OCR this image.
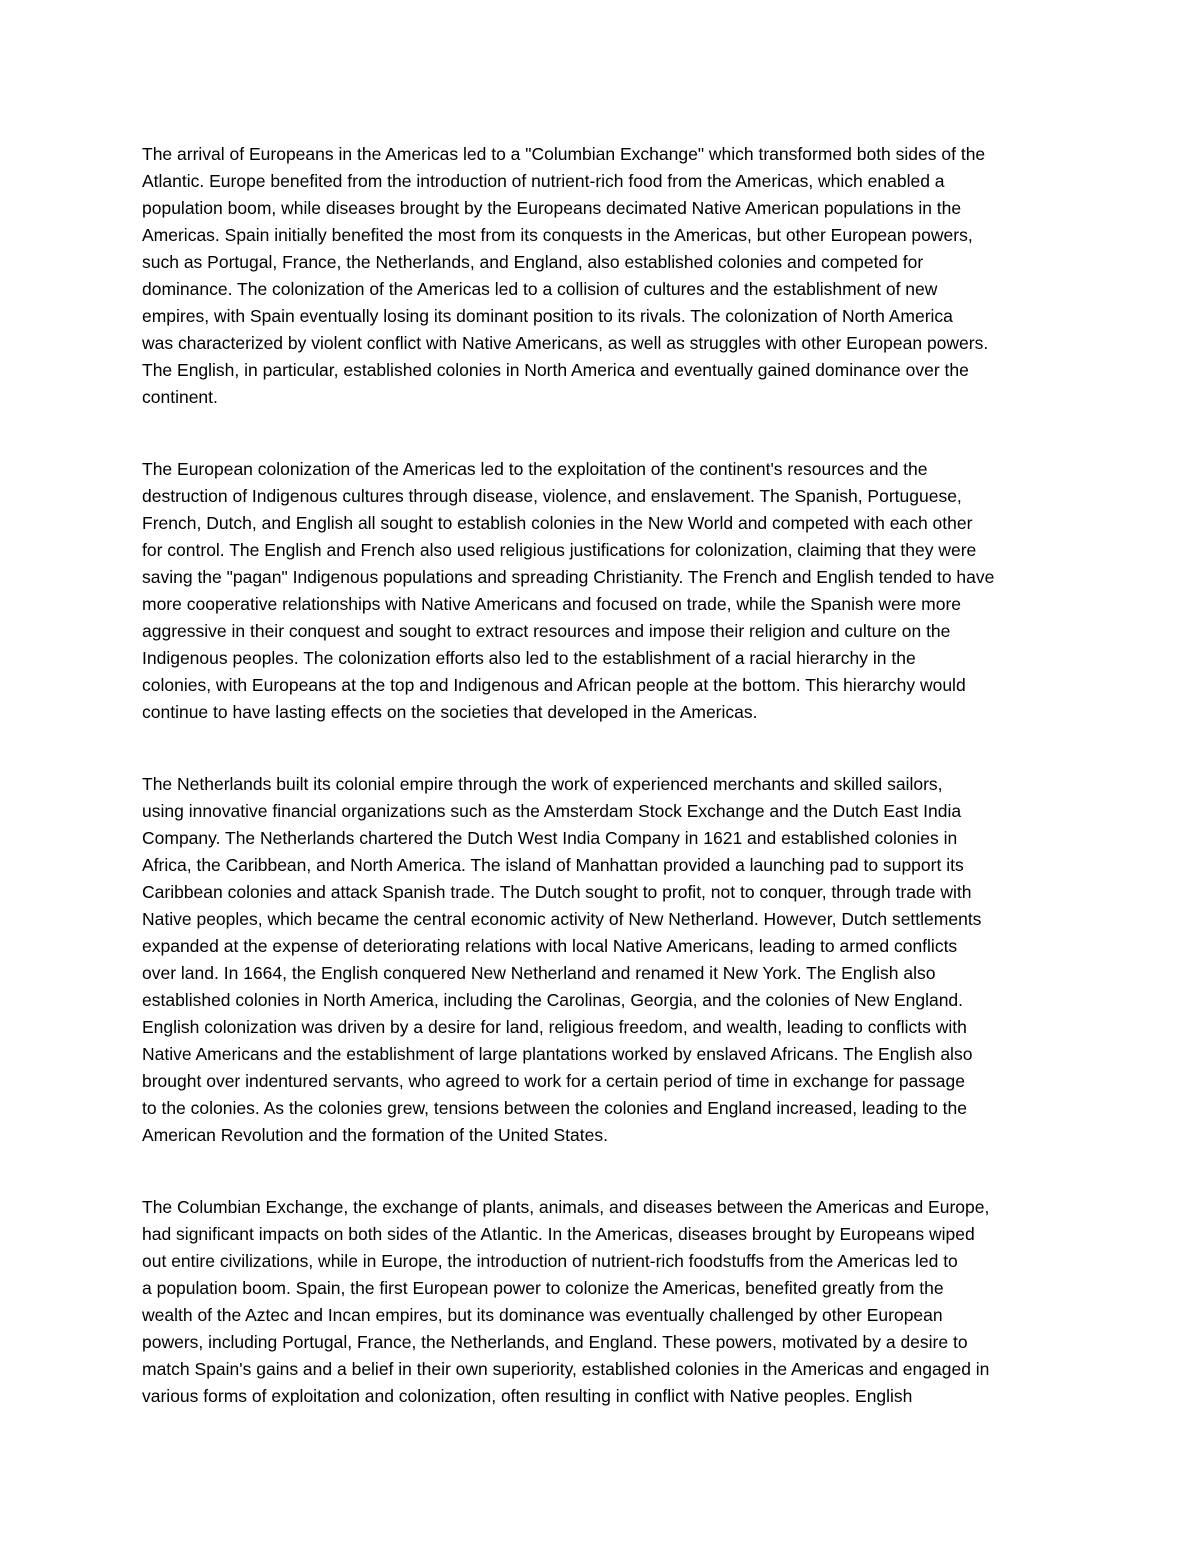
The arrival of Europeans in the Americas led to a "Columbian Exchange" which transformed both sides of the
Atlantic. Europe benefited from the introduction of nutrient-rich food from the Americas, which enabled a
population boom, while diseases brought by the Europeans decimated Native American populations in the
Americas. Spain initially benefited the most from its conquests in the Americas, but other European powers,
such as Portugal, France, the Netherlands, and England, also established colonies and competed for
dominance. The colonization of the Americas led to a collision of cultures and the establishment of new
empires, with Spain eventually losing its dominant position to its rivals. The colonization of North America
was characterized by violent conflict with Native Americans, as well as struggles with other European powers.
The English, in particular, established colonies in North America and eventually gained dominance over the
continent.
The European colonization of the Americas led to the exploitation of the continent's resources and the
destruction of Indigenous cultures through disease, violence, and enslavement. The Spanish, Portuguese,
French, Dutch, and English all sought to establish colonies in the New World and competed with each other
for control. The English and French also used religious justifications for colonization, claiming that they were
saving the "pagan" Indigenous populations and spreading Christianity. The French and English tended to have
more cooperative relationships with Native Americans and focused on trade, while the Spanish were more
aggressive in their conquest and sought to extract resources and impose their religion and culture on the
Indigenous peoples. The colonization efforts also led to the establishment of a racial hierarchy in the
colonies, with Europeans at the top and Indigenous and African people at the bottom. This hierarchy would
continue to have lasting effects on the societies that developed in the Americas.
The Netherlands built its colonial empire through the work of experienced merchants and skilled sailors,
using innovative financial organizations such as the Amsterdam Stock Exchange and the Dutch East India
Company. The Netherlands chartered the Dutch West India Company in 1621 and established colonies in
Africa, the Caribbean, and North America. The island of Manhattan provided a launching pad to support its
Caribbean colonies and attack Spanish trade. The Dutch sought to profit, not to conquer, through trade with
Native peoples, which became the central economic activity of New Netherland. However, Dutch settlements
expanded at the expense of deteriorating relations with local Native Americans, leading to armed conflicts
over land. In 1664, the English conquered New Netherland and renamed it New York. The English also
established colonies in North America, including the Carolinas, Georgia, and the colonies of New England.
English colonization was driven by a desire for land, religious freedom, and wealth, leading to conflicts with
Native Americans and the establishment of large plantations worked by enslaved Africans. The English also
brought over indentured servants, who agreed to work for a certain period of time in exchange for passage
to the colonies. As the colonies grew, tensions between the colonies and England increased, leading to the
American Revolution and the formation of the United States.
The Columbian Exchange, the exchange of plants, animals, and diseases between the Americas and Europe,
had significant impacts on both sides of the Atlantic. In the Americas, diseases brought by Europeans wiped
out entire civilizations, while in Europe, the introduction of nutrient-rich foodstuffs from the Americas led to
a population boom. Spain, the first European power to colonize the Americas, benefited greatly from the
wealth of the Aztec and Incan empires, but its dominance was eventually challenged by other European
powers, including Portugal, France, the Netherlands, and England. These powers, motivated by a desire to
match Spain's gains and a belief in their own superiority, established colonies in the Americas and engaged in
various forms of exploitation and colonization, often resulting in conflict with Native peoples. English
